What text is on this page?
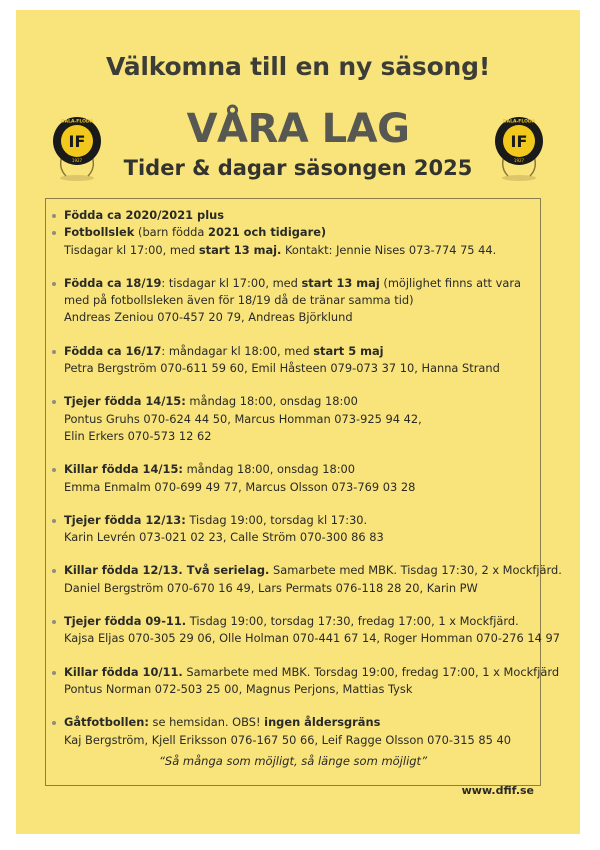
Välkomna till en ny säsong!
DALA-FLODA
IF
1927
DALA-FLODA
IF
1927
VÅRA LAG
Tider & dagar säsongen 2025

Födda ca 2020/2021 plus

Fotbollslek (barn födda 2021 och tidigare)

Tisdagar kl 17:00, med start 13 maj. Kontakt: Jennie Nises 073-774 75 44.

Födda ca 18/19: tisdagar kl 17:00, med start 13 maj (möjlighet finns att vara

med på fotbollsleken även för 18/19 då de tränar samma tid)

Andreas Zeniou 070-457 20 79, Andreas Björklund

Födda ca 16/17: måndagar kl 18:00, med start 5 maj

Petra Bergström 070-611 59 60, Emil Håsteen 079-073 37 10, Hanna Strand

Tjejer födda 14/15: måndag 18:00, onsdag 18:00

Pontus Gruhs 070-624 44 50, Marcus Homman 073-925 94 42,

Elin Erkers 070-573 12 62

Killar födda 14/15: måndag 18:00, onsdag 18:00

Emma Enmalm 070-699 49 77, Marcus Olsson 073-769 03 28

Tjejer födda 12/13: Tisdag 19:00, torsdag kl 17:30.

Karin Levrén 073-021 02 23, Calle Ström 070-300 86 83

Killar födda 12/13. Två serielag. Samarbete med MBK. Tisdag 17:30, 2 x Mockfjärd.

Daniel Bergström 070-670 16 49, Lars Permats 076-118 28 20, Karin PW

Tjejer födda 09-11. Tisdag 19:00, torsdag 17:30, fredag 17:00, 1 x Mockfjärd.

Kajsa Eljas 070-305 29 06, Olle Holman 070-441 67 14, Roger Homman 070-276 14 97

Killar födda 10/11. Samarbete med MBK. Torsdag 19:00, fredag 17:00, 1 x Mockfjärd

Pontus Norman 072-503 25 00, Magnus Perjons, Mattias Tysk

Gåtfotbollen: se hemsidan. OBS! ingen åldersgräns

Kaj Bergström, Kjell Eriksson 076-167 50 66, Leif Ragge Olsson 070-315 85 40

“Så många som möjligt, så länge som möjligt”
www.dfif.se
